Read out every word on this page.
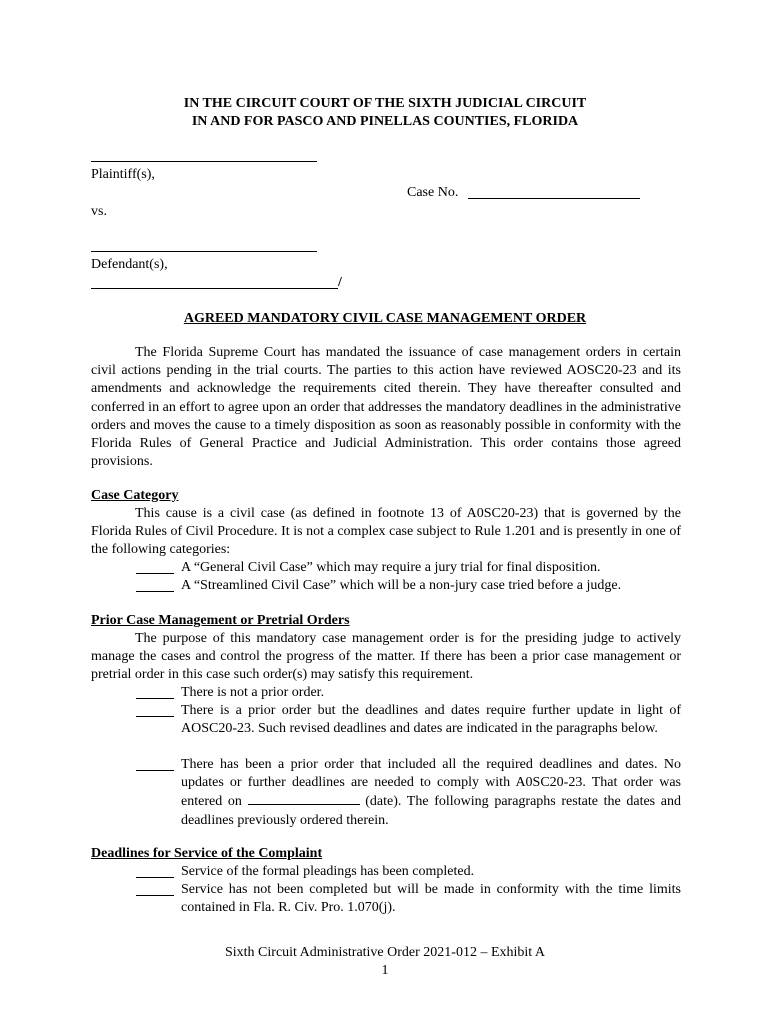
IN THE CIRCUIT COURT OF THE SIXTH JUDICIAL CIRCUIT
IN AND FOR PASCO AND PINELLAS COUNTIES, FLORIDA
Plaintiff(s),
Case No.
vs.
Defendant(s),
/
AGREED MANDATORY CIVIL CASE MANAGEMENT ORDER

The Florida Supreme Court has mandated the issuance of case management orders in certain civil actions pending in the trial courts. The parties to this action have reviewed AOSC20-23 and its amendments and acknowledge the requirements cited therein. They have thereafter consulted and conferred in an effort to agree upon an order that addresses the mandatory deadlines in the administrative orders and moves the cause to a timely disposition as soon as reasonably possible in conformity with the Florida Rules of General Practice and Judicial Administration. This order contains those agreed provisions.

Case Category

This cause is a civil case (as defined in footnote 13 of A0SC20-23) that is governed by the Florida Rules of Civil Procedure. It is not a complex case subject to Rule 1.201 and is presently in one of the following categories:

A “General Civil Case” which may require a jury trial for final disposition.
A “Streamlined Civil Case” which will be a non-jury case tried before a judge.
Prior Case Management or Pretrial Orders

The purpose of this mandatory case management order is for the presiding judge to actively manage the cases and control the progress of the matter. If there has been a prior case management or pretrial order in this case such order(s) may satisfy this requirement.

There is not a prior order.
There is a prior order but the deadlines and dates require further update in light of AOSC20-23. Such revised deadlines and dates are indicated in the paragraphs below.
There has been a prior order that included all the required deadlines and dates. No updates or further deadlines are needed to comply with A0SC20-23. That order was entered on	(date). The following paragraphs restate the dates and deadlines previously ordered therein.
Deadlines for Service of the Complaint
Service of the formal pleadings has been completed.
Service has not been completed but will be made in conformity with the time limits contained in Fla. R. Civ. Pro. 1.070(j).
Sixth Circuit Administrative Order 2021-012 – Exhibit A
1
